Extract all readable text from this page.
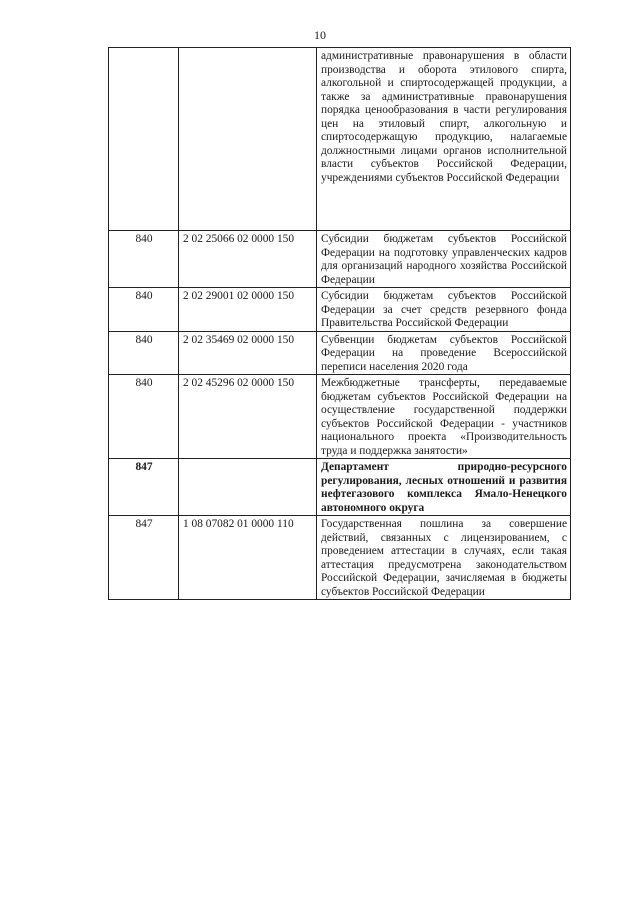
10
		административные правонарушения в области производства и оборота этилового спирта, алкогольной и спиртосодержащей продукции, а также за административные правонарушения порядка ценообразования в части регулирования цен на этиловый спирт, алкогольную и спиртосодержащую продукцию, налагаемые должностными лицами органов исполнительной власти субъектов Российской Федерации, учреждениями субъектов Российской Федерации
840	2 02 25066 02 0000 150	Субсидии бюджетам субъектов Российской Федерации на подготовку управленческих кадров для организаций народного хозяйства Российской Федерации
840	2 02 29001 02 0000 150	Субсидии бюджетам субъектов Российской Федерации за счет средств резервного фонда Правительства Российской Федерации
840	2 02 35469 02 0000 150	Субвенции бюджетам субъектов Российской Федерации на проведение Всероссийской переписи населения 2020 года
840	2 02 45296 02 0000 150	Межбюджетные трансферты, передаваемые бюджетам субъектов Российской Федерации на осуществление государственной поддержки субъектов Российской Федерации - участников национального проекта «Производительность труда и поддержка занятости»
847		Департамент природно-ресурсного регулирования, лесных отношений и развития нефтегазового комплекса Ямало-Ненецкого автономного округа
847	1 08 07082 01 0000 110	Государственная пошлина за совершение действий, связанных с лицензированием, с проведением аттестации в случаях, если такая аттестация предусмотрена законодательством Российской Федерации, зачисляемая в бюджеты субъектов Российской Федерации
